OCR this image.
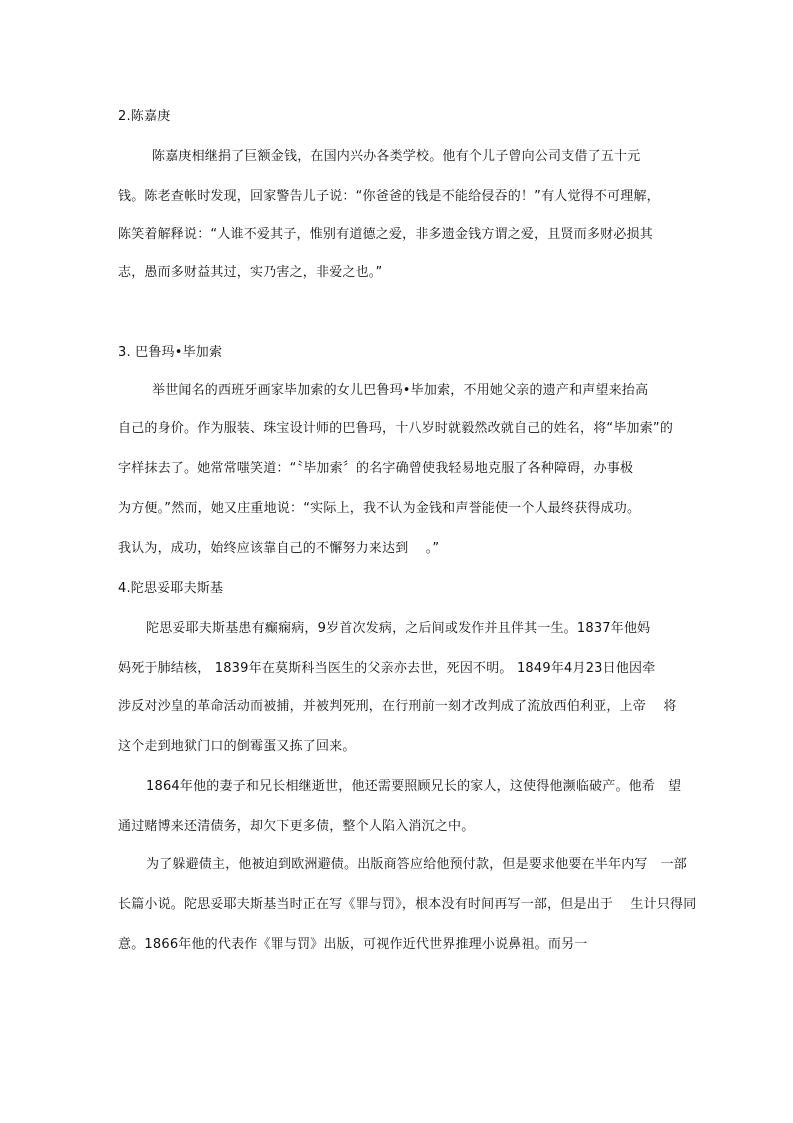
2.陈嘉庚
陈嘉庚相继捐了巨额金钱，在国内兴办各类学校。他有个儿子曾向公司支借了五十元
钱。陈老查帐时发现，回家警告儿子说：“你爸爸的钱是不能给侵吞的！”有人觉得不可理解，
陈笑着解释说：“人谁不爱其子，惟别有道德之爱，非多遗金钱方谓之爱，且贤而多财必损其
志，愚而多财益其过，实乃害之，非爱之也。”
3. 巴鲁玛•毕加索
举世闻名的西班牙画家毕加索的女儿巴鲁玛•毕加索，不用她父亲的遗产和声望来抬高
自己的身价。作为服装、珠宝设计师的巴鲁玛，十八岁时就毅然改就自己的姓名，将“毕加索”的
字样抹去了。她常常嗤笑道：“〝毕加索〞的名字确曾使我轻易地克服了各种障碍，办事极
为方便。”然而，她又庄重地说：“实际上，我不认为金钱和声誉能使一个人最终获得成功。
我认为，成功，始终应该靠自己的不懈努力来达到    。”
4.陀思妥耶夫斯基
陀思妥耶夫斯基患有癫痫病，9岁首次发病，之后间或发作并且伴其一生。1837年他妈
妈死于肺结核， 1839年在莫斯科当医生的父亲亦去世，死因不明。 1849年4月23日他因牵
涉反对沙皇的革命活动而被捕，并被判死刑，在行刑前一刻才改判成了流放西伯利亚，上帝    将
这个走到地狱门口的倒霉蛋又拣了回来。
1864年他的妻子和兄长相继逝世，他还需要照顾兄长的家人，这使得他濒临破产。他希   望
通过赌博来还清债务，却欠下更多债，整个人陷入消沉之中。
为了躲避债主，他被迫到欧洲避债。出版商答应给他预付款，但是要求他要在半年内写   一部
长篇小说。陀思妥耶夫斯基当时正在写《罪与罚》，根本没有时间再写一部，但是出于    生计只得同
意。1866年他的代表作《罪与罚》出版，可视作近代世界推理小说鼻祖。而另一
